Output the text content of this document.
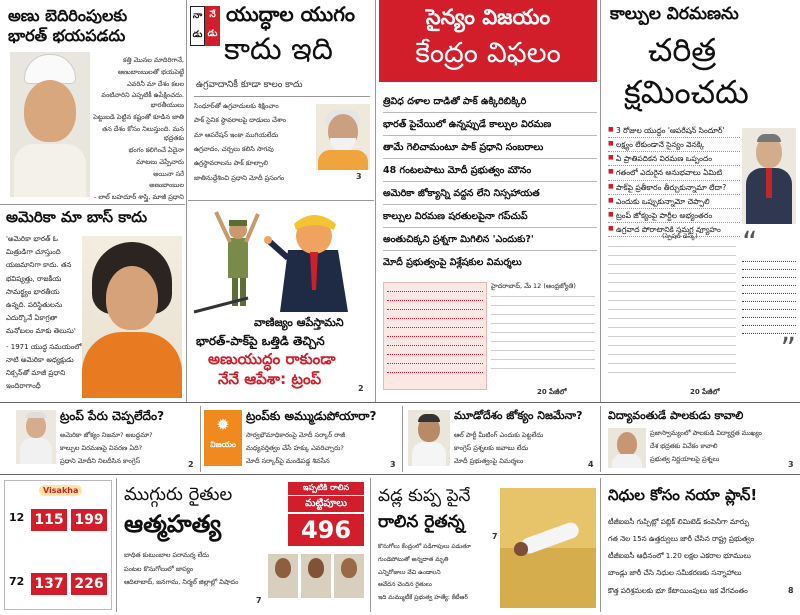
అణు బెదిరింపులకు భారత్ భయపడదు

కత్తి మొనల మాదిరిగానే,

అణుబాంబులతో భయపెట్టే

ఎవరినీ మా దేశం కలల

వంటివారిని ఎప్పటికీ ఉపేక్షించదు. భారతీయులు

పెట్టుబడి పెట్టిన కష్టంతో కూడిన జాతి

తన దేశం కోసం నిలుస్తుంది. మన భద్రతకు

భంగం కలిగించే ఏదైనా

మాటలు చెప్పేవారు

అయినా సరే

అణుబాంబుల

- లాల్ బహదూర్ శాస్త్రి, మాజీ ప్రధాని

అమెరికా మా బాస్ కాదు

'అమెరికా భారత్ ఓ

మిత్రుడిగా చూస్తుంది

యజమానిగా కాదు. తన

భవిష్యత్తు, రాజకీయ

సామర్థ్యం భారతీయ

ఉన్నది. పరిస్థితులను

ఎదుర్కొనే ఏకాగ్రతా

మనోబలం మాకు తెలుసు'

- 1971 యుద్ధ సమయంలో

నాటి అమెరికా అధ్యక్షుడు

నిక్సన్‌తో మాజీ ప్రధాని

ఇందిరాగాంధీ

నా
డు
నే
డు
యుద్ధాల యుగం
కాదు ఇది
ఉగ్రవాదానికీ కూడా కాలం కాదు

సింధూర్‌తో ఉగ్రవాదులకు శిక్షించాం

పాక్ సైనిక స్థావరాలపై దాడులు చేశాం

మా ఆపరేషన్ ఇంకా ముగియలేదు

ఉగ్రవాదం, చర్చలు కలిసి సాగవు

ఉగ్రస్థావరాలను పాక్ కూల్చాలి

జాతినుద్దేశించి ప్రధాని మోదీ ప్రసంగం	3
వాణిజ్యం ఆపేస్తామని
భారత్-పాక్‌పై ఒత్తిడి తెచ్చిన
అణుయుద్ధం రాకుండా
నేనే ఆపేశా: ట్రంప్
2
సైన్యం విజయం
కేంద్రం విఫలం
త్రివిధ దళాల దాడితో పాక్ ఉక్కిరిబిక్కిరి
భారత్ పైచేయిలో ఉన్నప్పుడే కాల్పుల విరమణ
తామే గెలిచామంటూ పాక్ ప్రధాని సంబరాలు
48 గంటలపాటు మోదీ ప్రభుత్వం మౌనం
అమెరికా జోక్యాన్ని వద్దన లేని నిస్సహాయత
కాల్పుల విరమణ షరతులపైనా గప్‌చుప్
అంతుచిక్కని ప్రశ్నగా మిగిలిన 'ఎందుకు?'
మోదీ ప్రభుత్వంపై విశ్లేషకుల విమర్శలు
హైదరాబాద్, మే 12 (ఆంధ్రజ్యోతి)
20 పేజీలో
కాల్పుల విరమణను
చరిత్ర
క్షమించదు
■ 3 రోజుల యుద్ధం 'ఆపరేషన్ సిందూర్'
■ లక్ష్యం లేకుండానే సైన్యం వెనక్కి
■ ఏ ప్రాతిపదికన విరమణ ఒప్పందం
■ గతంలో ఎదురైన అనుభవాలు ఏమిటి
■ పాక్‌పై ప్రతీకారం తీర్చుకున్నామా లేదా?
■ ఎందుకు ఒప్పుకున్నామో చెప్పాలి
■ ట్రంప్ జోక్యంపై పార్టీల అభ్యంతరం
■ ఉగ్రవాద పోరాటానికి సమగ్ర వ్యూహం
(స్పెషల్ డెస్క్) “
”
20 పేజీలో
ట్రంప్ పేరు చెప్పలేదేం?

అమెరికా జోక్యం నిజమా? అబద్ధమా?

కాల్పుల విరమణపై వివరణ ఏది?

ప్రధాని మోదీని నిలదీసిన కాంగ్రెస్	2
✹
విజయం
ట్రంప్‌కు అమ్ముడుపోయారా?

సార్వభౌమాధికారంపై మోదీ సర్కార్ రాజీ

మధ్యవర్తిత్వం చేసే హక్కు ఎవరిచ్చారు?

మోదీ సర్కార్‌పై మండిపడ్డ శివసేన	3
మూడోదేశం జోక్యం నిజమేనా?

ఆల్ పార్టీ మీటింగ్ ఎందుకు పెట్టలేదు

కాంగ్రెస్ ప్రశ్నలకు జవాబు లేదు

మోదీ ప్రభుత్వంపై విమర్శలు	4
విద్యావంతుడే పాలకుడు కావాలి

ప్రజాస్వామ్యంలో పాలకుడి విద్యార్హత ముఖ్యం

దేశ భద్రతకు వివేకం కావాలి

ప్రభుత్వ నిర్ణయాలపై ప్రశ్నలు

3
Visakha
12 115 199
72 137 226
ముగ్గురు రైతుల
ఆత్మహత్య
ఇప్పటికి రాలిన
మట్టిపూలు
496

బాధిత కుటుంబాల పరామర్శ లేదు

పంటల కొనుగోలులో జాప్యం

ఆదిలాబాద్, జనగామ, నిర్మల్ జిల్లాల్లో విషాదం

7
వడ్ల కుప్ప పైనే
రాలిన రైతన్న

కొనుగోలు కేంద్రంలో పడిగాపులు పడుతూ

గుండెపోటుతో అన్నదాత మృతి

ఎన్నిరోజులు వేచి ఉండాలని

ఆవేదన చెందిన రైతులు

ఇది మమ్ముటీకే ప్రభుత్వ హత్యే: కేటీఆర్

7
నిధుల కోసం నయా ప్లాన్!

టీజీఐఐసీ గుప్పిట్లో పబ్లిక్ లిమిటెడ్ కంపెనీగా మార్పు

గత నెల 15న ఉత్తర్వులు జారీ చేసిన రాష్ట్ర ప్రభుత్వం

టీజీఐఐసీ ఆధీనంలో 1.20 లక్షల ఎకరాల భూములు

బాండ్లు జారీ చేసి నిధుల సమీకరణకు సన్నాహాలు

కొత్త పరిశ్రమలకు భూ కేటాయింపులు ఇక వేగవంతం	8
